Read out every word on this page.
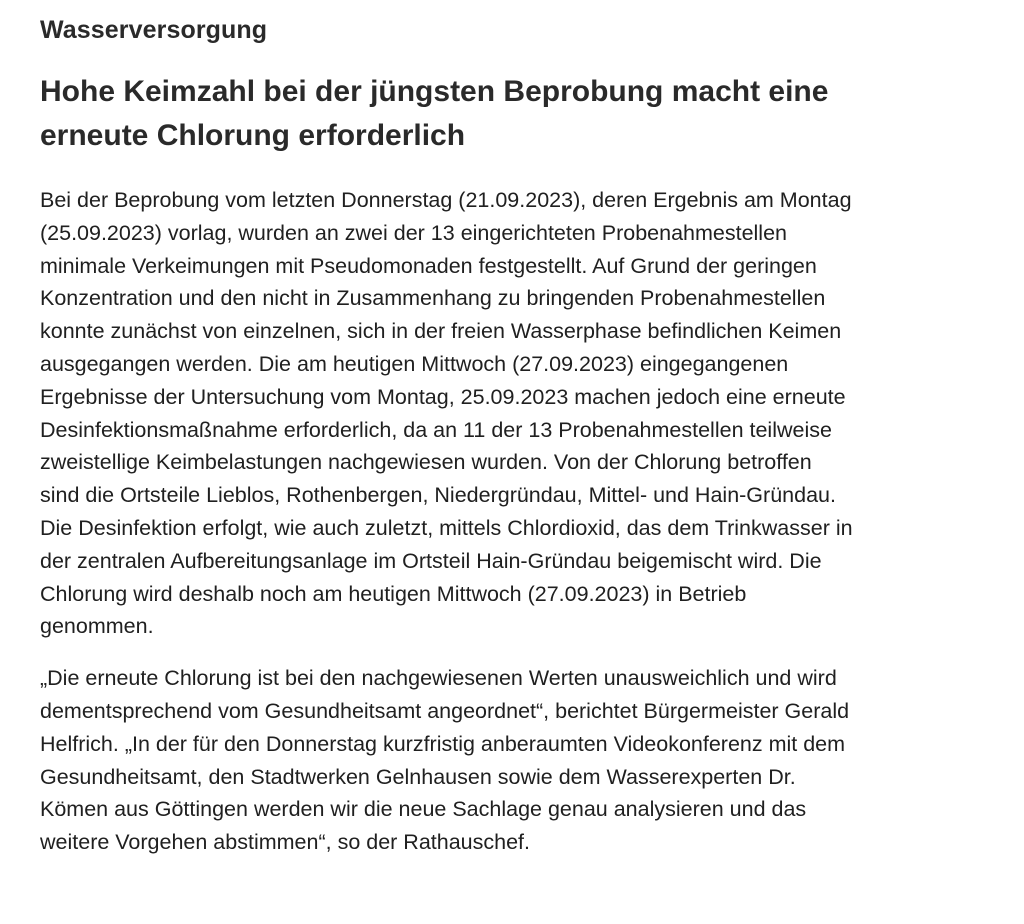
Wasserversorgung
Hohe Keimzahl bei der jüngsten Beprobung macht eine
erneute Chlorung erforderlich

Bei der Beprobung vom letzten Donnerstag (21.09.2023), deren Ergebnis am Montag
(25.09.2023) vorlag, wurden an zwei der 13 eingerichteten Probenahmestellen
minimale Verkeimungen mit Pseudomonaden festgestellt. Auf Grund der geringen
Konzentration und den nicht in Zusammenhang zu bringenden Probenahmestellen
konnte zunächst von einzelnen, sich in der freien Wasserphase befindlichen Keimen
ausgegangen werden. Die am heutigen Mittwoch (27.09.2023) eingegangenen
Ergebnisse der Untersuchung vom Montag, 25.09.2023 machen jedoch eine erneute
Desinfektionsmaßnahme erforderlich, da an 11 der 13 Probenahmestellen teilweise
zweistellige Keimbelastungen nachgewiesen wurden. Von der Chlorung betroffen
sind die Ortsteile Lieblos, Rothenbergen, Niedergründau, Mittel- und Hain-Gründau.
Die Desinfektion erfolgt, wie auch zuletzt, mittels Chlordioxid, das dem Trinkwasser in
der zentralen Aufbereitungsanlage im Ortsteil Hain-Gründau beigemischt wird. Die
Chlorung wird deshalb noch am heutigen Mittwoch (27.09.2023) in Betrieb
genommen.

„Die erneute Chlorung ist bei den nachgewiesenen Werten unausweichlich und wird
dementsprechend vom Gesundheitsamt angeordnet“, berichtet Bürgermeister Gerald
Helfrich. „In der für den Donnerstag kurzfristig anberaumten Videokonferenz mit dem
Gesundheitsamt, den Stadtwerken Gelnhausen sowie dem Wasserexperten Dr.
Kömen aus Göttingen werden wir die neue Sachlage genau analysieren und das
weitere Vorgehen abstimmen“, so der Rathauschef.
